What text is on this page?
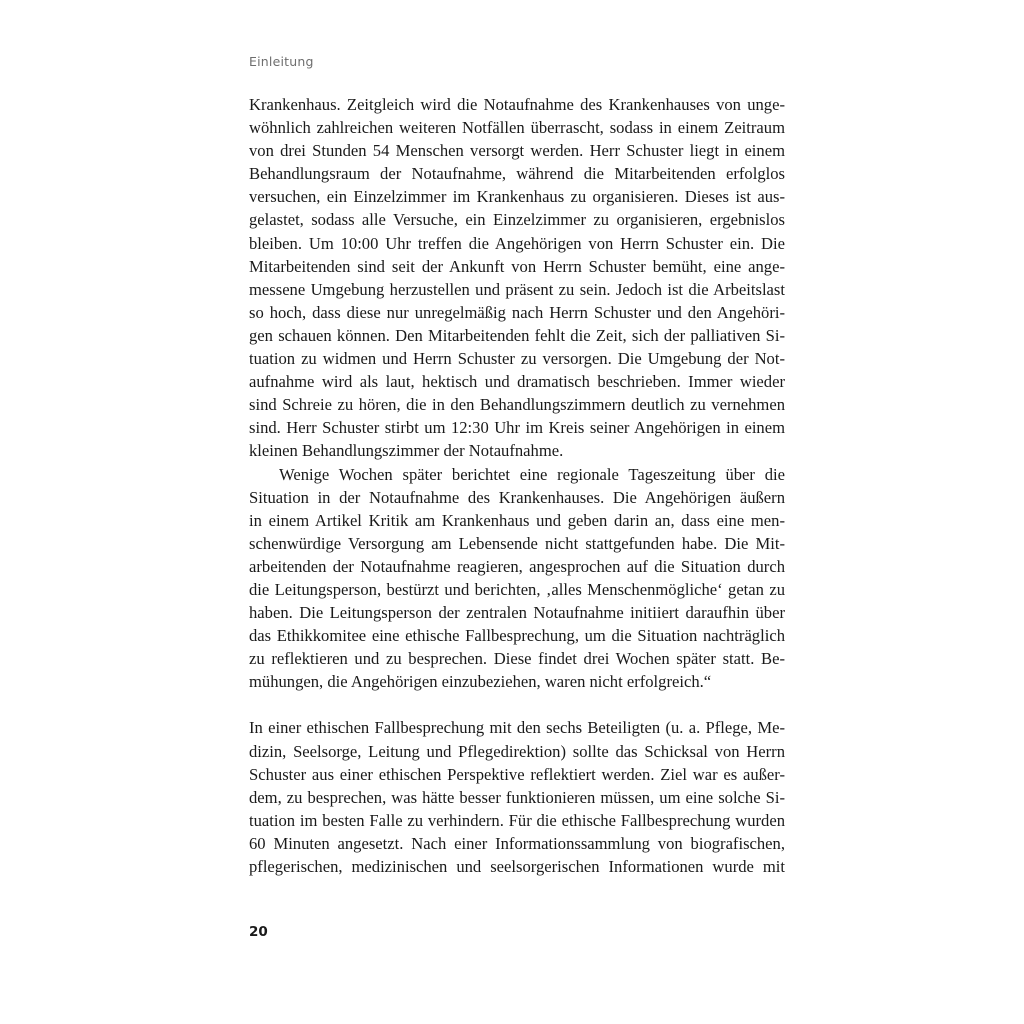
Einleitung
Krankenhaus. Zeitgleich wird die Notaufnahme des Krankenhauses von unge-
wöhnlich zahlreichen weiteren Notfällen überrascht, sodass in einem Zeitraum
von drei Stunden 54 Menschen versorgt werden. Herr Schuster liegt in einem
Behandlungsraum der Notaufnahme, während die Mitarbeitenden erfolglos
versuchen, ein Einzelzimmer im Krankenhaus zu organisieren. Dieses ist aus-
gelastet, sodass alle Versuche, ein Einzelzimmer zu organisieren, ergebnislos
bleiben. Um 10:00 Uhr treffen die Angehörigen von Herrn Schuster ein. Die
Mitarbeitenden sind seit der Ankunft von Herrn Schuster bemüht, eine ange-
messene Umgebung herzustellen und präsent zu sein. Jedoch ist die Arbeitslast
so hoch, dass diese nur unregelmäßig nach Herrn Schuster und den Angehöri-
gen schauen können. Den Mitarbeitenden fehlt die Zeit, sich der palliativen Si-
tuation zu widmen und Herrn Schuster zu versorgen. Die Umgebung der Not-
aufnahme wird als laut, hektisch und dramatisch beschrieben. Immer wieder
sind Schreie zu hören, die in den Behandlungszimmern deutlich zu vernehmen
sind. Herr Schuster stirbt um 12:30 Uhr im Kreis seiner Angehörigen in einem
kleinen Behandlungszimmer der Notaufnahme.
Wenige Wochen später berichtet eine regionale Tageszeitung über die
Situation in der Notaufnahme des Krankenhauses. Die Angehörigen äußern
in einem Artikel Kritik am Krankenhaus und geben darin an, dass eine men-
schenwürdige Versorgung am Lebensende nicht stattgefunden habe. Die Mit-
arbeitenden der Notaufnahme reagieren, angesprochen auf die Situation durch
die Leitungsperson, bestürzt und berichten, ‚alles Menschenmögliche‘ getan zu
haben. Die Leitungsperson der zentralen Notaufnahme initiiert daraufhin über
das Ethikkomitee eine ethische Fallbesprechung, um die Situation nachträglich
zu reflektieren und zu besprechen. Diese findet drei Wochen später statt. Be-
mühungen, die Angehörigen einzubeziehen, waren nicht erfolgreich.“
In einer ethischen Fallbesprechung mit den sechs Beteiligten (u. a. Pflege, Me-
dizin, Seelsorge, Leitung und Pflegedirektion) sollte das Schicksal von Herrn
Schuster aus einer ethischen Perspektive reflektiert werden. Ziel war es außer-
dem, zu besprechen, was hätte besser funktionieren müssen, um eine solche Si-
tuation im besten Falle zu verhindern. Für die ethische Fallbesprechung wurden
60 Minuten angesetzt. Nach einer Informationssammlung von biografischen,
pflegerischen, medizinischen und seelsorgerischen Informationen wurde mit
20
